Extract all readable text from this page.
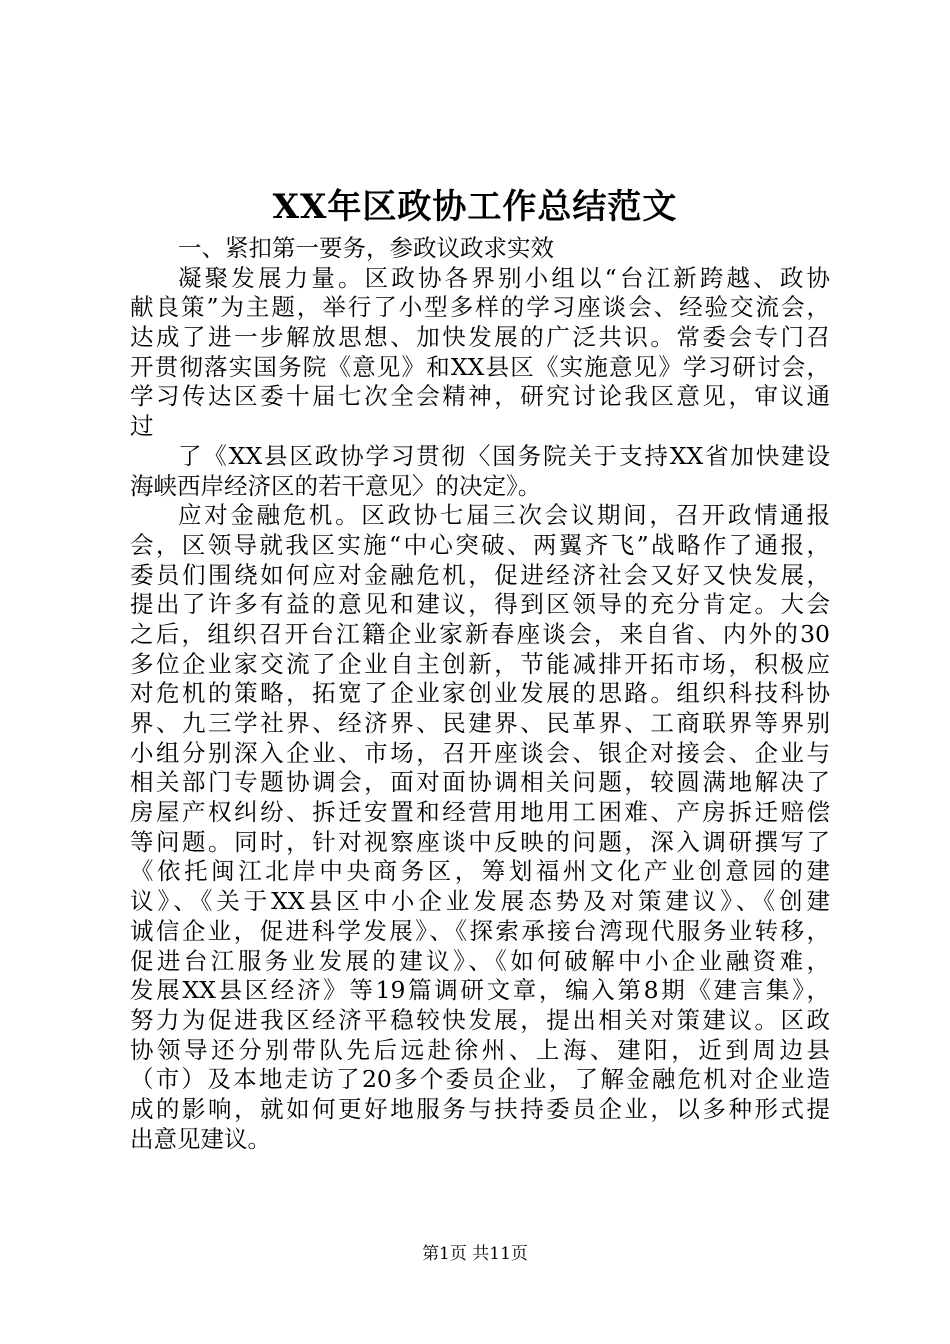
XX年区政协工作总结范文
一、紧扣第一要务，参政议政求实效
凝聚发展力量。区政协各界别小组以“台江新跨越、政协
献良策”为主题，举行了小型多样的学习座谈会、经验交流会，
达成了进一步解放思想、加快发展的广泛共识。常委会专门召
开贯彻落实国务院《意见》和XX县区《实施意见》学习研讨会，
学习传达区委十届七次全会精神，研究讨论我区意见，审议通
过
了《XX县区政协学习贯彻〈国务院关于支持XX省加快建设
海峡西岸经济区的若干意见〉的决定》。
应对金融危机。区政协七届三次会议期间，召开政情通报
会，区领导就我区实施“中心突破、两翼齐飞”战略作了通报，
委员们围绕如何应对金融危机，促进经济社会又好又快发展，
提出了许多有益的意见和建议，得到区领导的充分肯定。大会
之后，组织召开台江籍企业家新春座谈会，来自省、内外的30
多位企业家交流了企业自主创新，节能减排开拓市场，积极应
对危机的策略，拓宽了企业家创业发展的思路。组织科技科协
界、九三学社界、经济界、民建界、民革界、工商联界等界别
小组分别深入企业、市场，召开座谈会、银企对接会、企业与
相关部门专题协调会，面对面协调相关问题，较圆满地解决了
房屋产权纠纷、拆迁安置和经营用地用工困难、产房拆迁赔偿
等问题。同时，针对视察座谈中反映的问题，深入调研撰写了
《依托闽江北岸中央商务区，筹划福州文化产业创意园的建
议》、《关于XX县区中小企业发展态势及对策建议》、《创建
诚信企业，促进科学发展》、《探索承接台湾现代服务业转移，
促进台江服务业发展的建议》、《如何破解中小企业融资难，
发展XX县区经济》等19篇调研文章，编入第8期《建言集》，
努力为促进我区经济平稳较快发展，提出相关对策建议。区政
协领导还分别带队先后远赴徐州、上海、建阳，近到周边县
（市）及本地走访了20多个委员企业，了解金融危机对企业造
成的影响，就如何更好地服务与扶持委员企业，以多种形式提
出意见建议。
第1页 共11页
